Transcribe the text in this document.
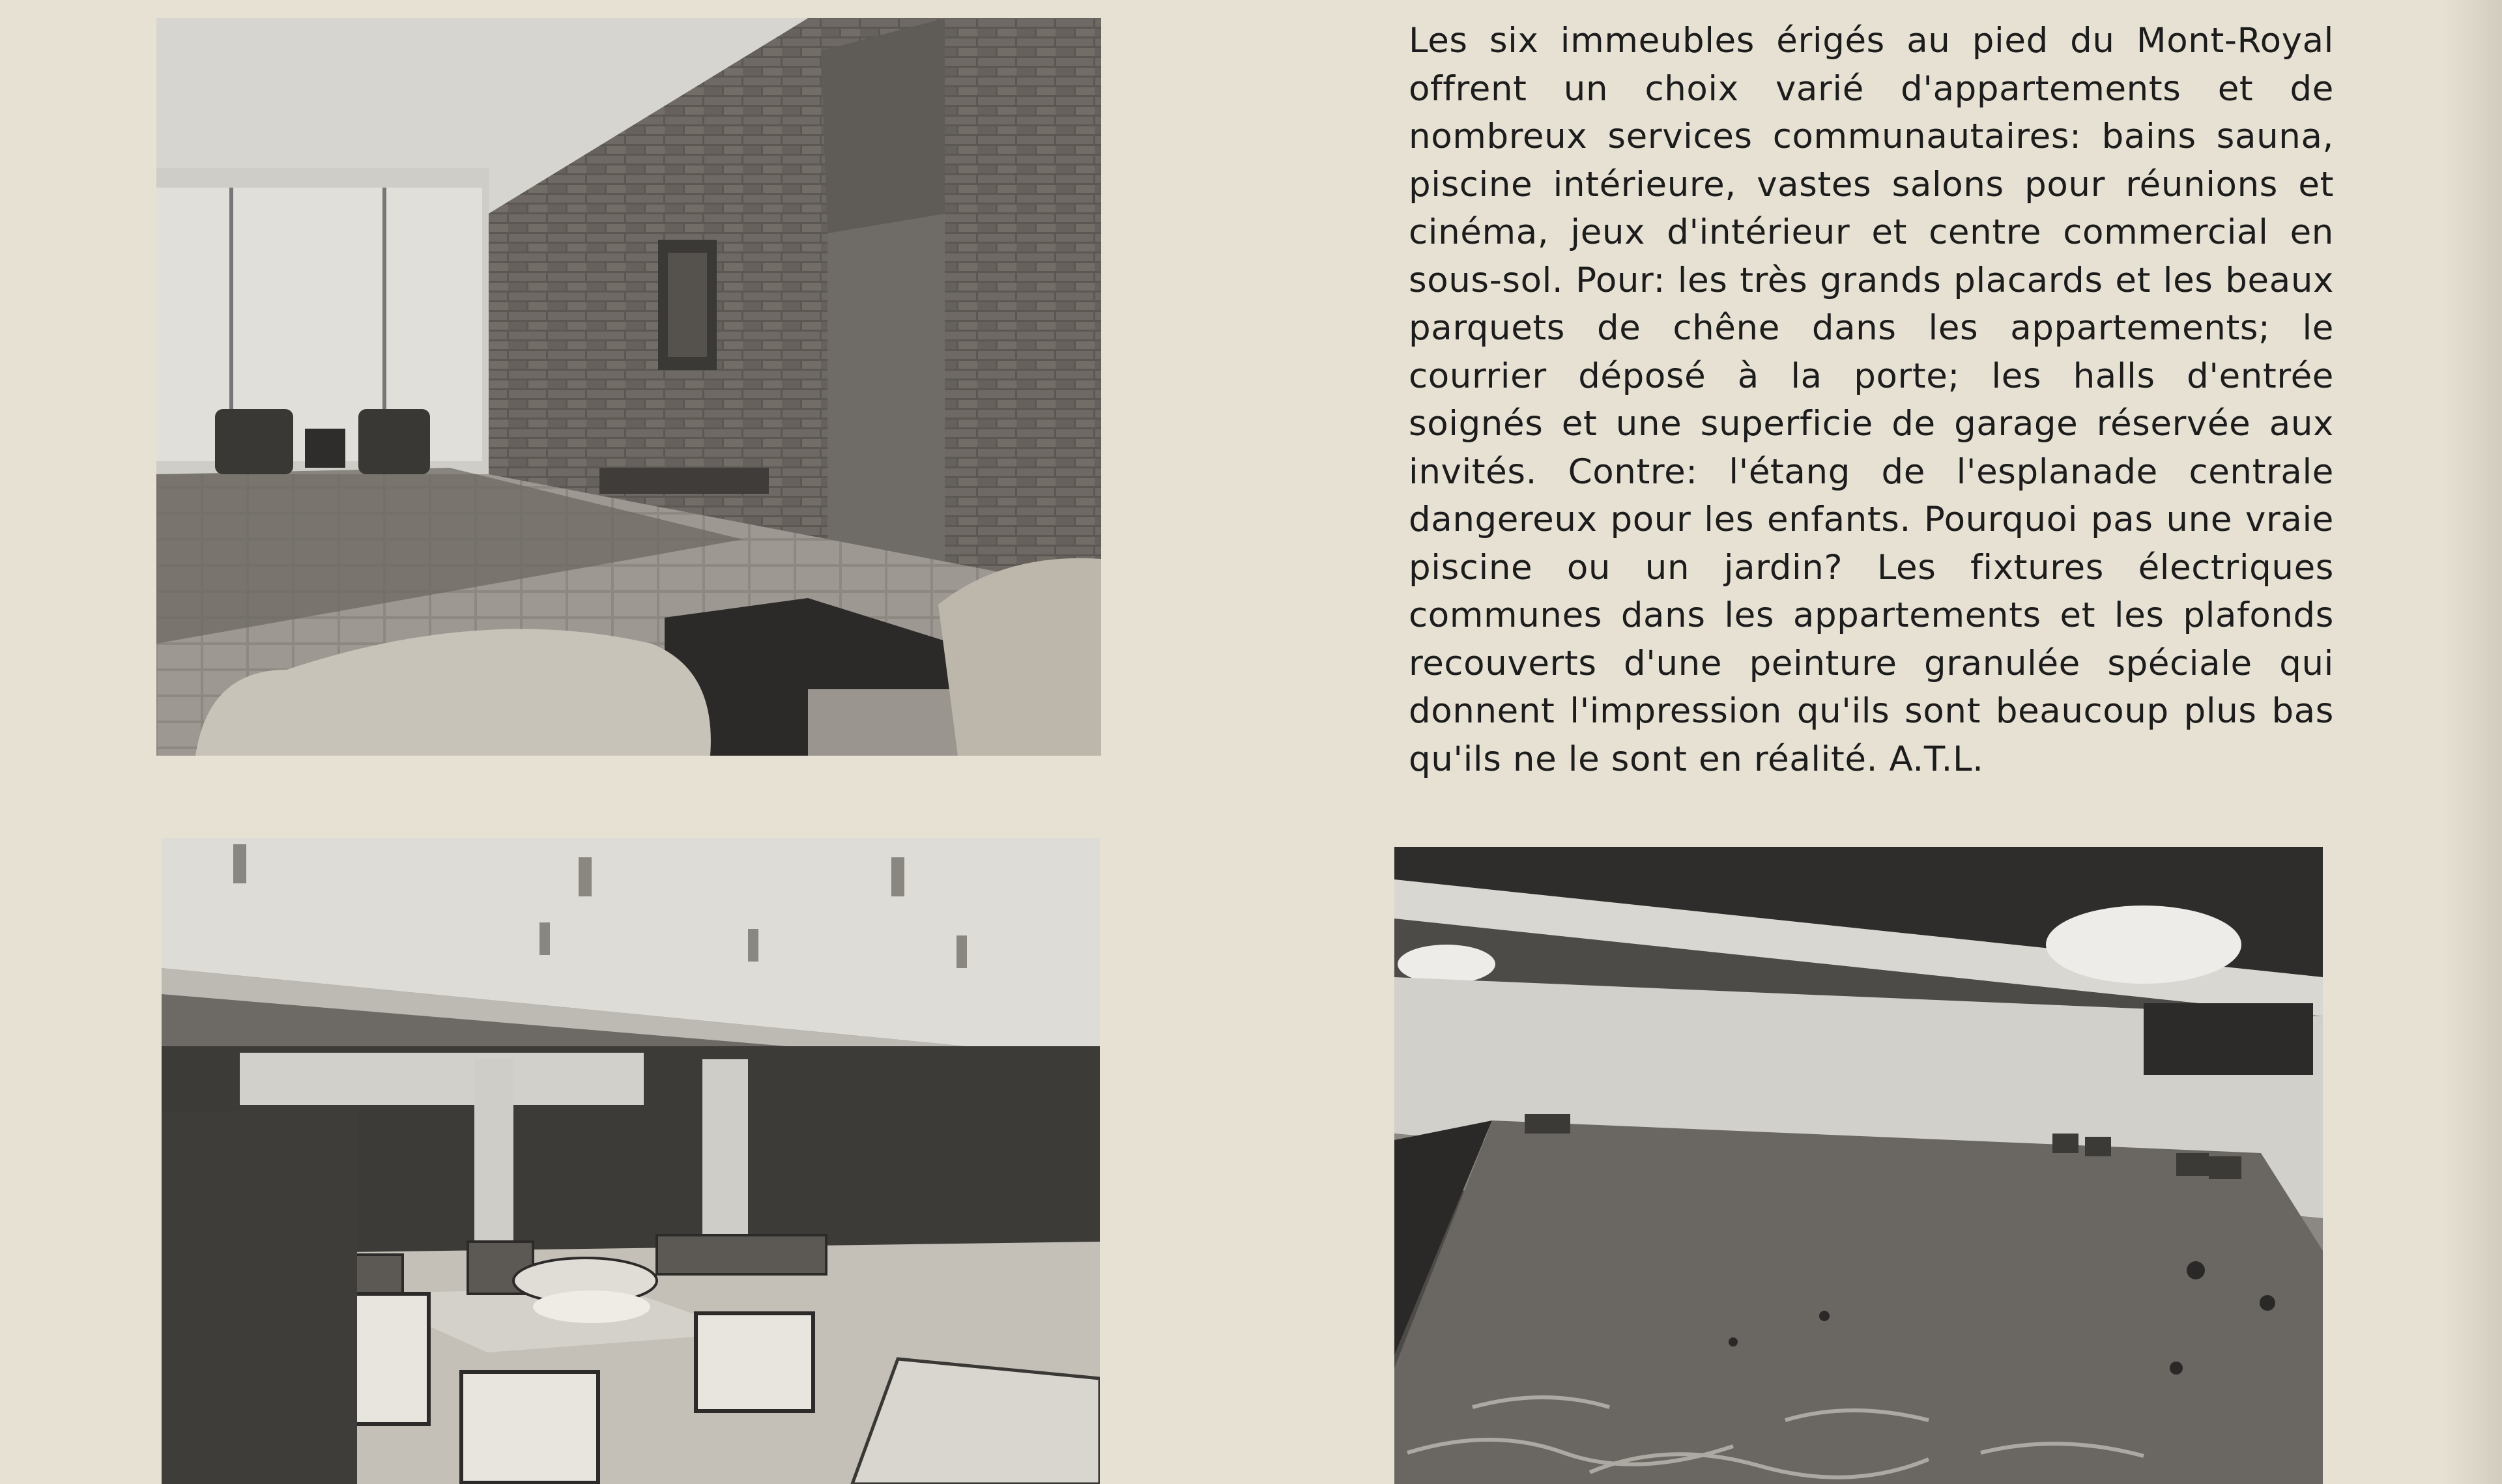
Les six immeubles érigés au pied du Mont-Royal offrent un choix varié d'appartements et de nombreux services communautaires: bains sauna, piscine intérieure, vastes salons pour réunions et cinéma, jeux d'intérieur et centre commercial en sous-sol. Pour: les très grands placards et les beaux parquets de chêne dans les appartements; le courrier déposé à la porte; les halls d'entrée soignés et une superficie de garage réservée aux invités. Contre: l'étang de l'esplanade centrale dangereux pour les enfants. Pourquoi pas une vraie piscine ou un jardin? Les fixtures électriques communes dans les appartements et les plafonds recouverts d'une peinture granulée spéciale qui donnent l'impression qu'ils sont beaucoup plus bas qu'ils ne le sont en réalité. A.T.L.
